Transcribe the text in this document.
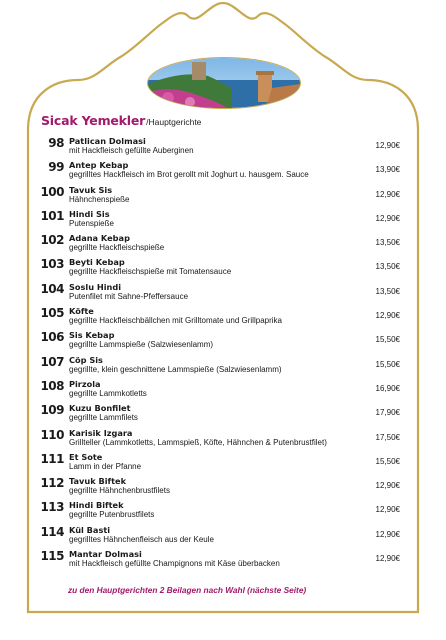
Sicak Yemekler /Hauptgerichte
98 Patlican Dolmasi
mit Hackfleisch gefüllte Auberginen
12,90€
99 Antep Kebap
gegrilltes Hackfleisch im Brot gerollt mit Joghurt u. hausgem. Sauce
13,90€
100 Tavuk Sis
Hähnchenspieße
12,90€
101 Hindi Sis
Putenspieße
12,90€
102 Adana Kebap
gegrillte Hackfleischspieße
13,50€
103 Beyti Kebap
gegrillte Hackfleischspieße mit Tomatensauce
13,50€
104 Soslu Hindi
Putenfilet mit Sahne-Pfeffersauce
13,50€
105 Köfte
gegrillte Hackfleischbällchen mit Grilltomate und Grillpaprika
12,90€
106 Sis Kebap
gegrillte Lammspieße (Salzwiesenlamm)
15,50€
107 Cöp Sis
gegrillte, klein geschnittene Lammspieße (Salzwiesenlamm)
15,50€
108 Pirzola
gegrillte Lammkotletts
16,90€
109 Kuzu Bonfilet
gegrillte Lammfilets
17,90€
110 Karisik Izgara
Grillteller (Lammkotletts, Lammspieß, Köfte, Hähnchen & Putenbrustfilet)
17,50€
111 Et Sote
Lamm in der Pfanne
15,50€
112 Tavuk Biftek
gegrillte Hähnchenbrustfilets
12,90€
113 Hindi Biftek
gegrillte Putenbrustfilets
12,90€
114 Kül Basti
gegrilltes Hähnchenfleisch aus der Keule
12,90€
115 Mantar Dolmasi
mit Hackfleisch gefüllte Champignons mit Käse überbacken
12,90€
zu den Hauptgerichten 2 Beilagen nach Wahl (nächste Seite)
